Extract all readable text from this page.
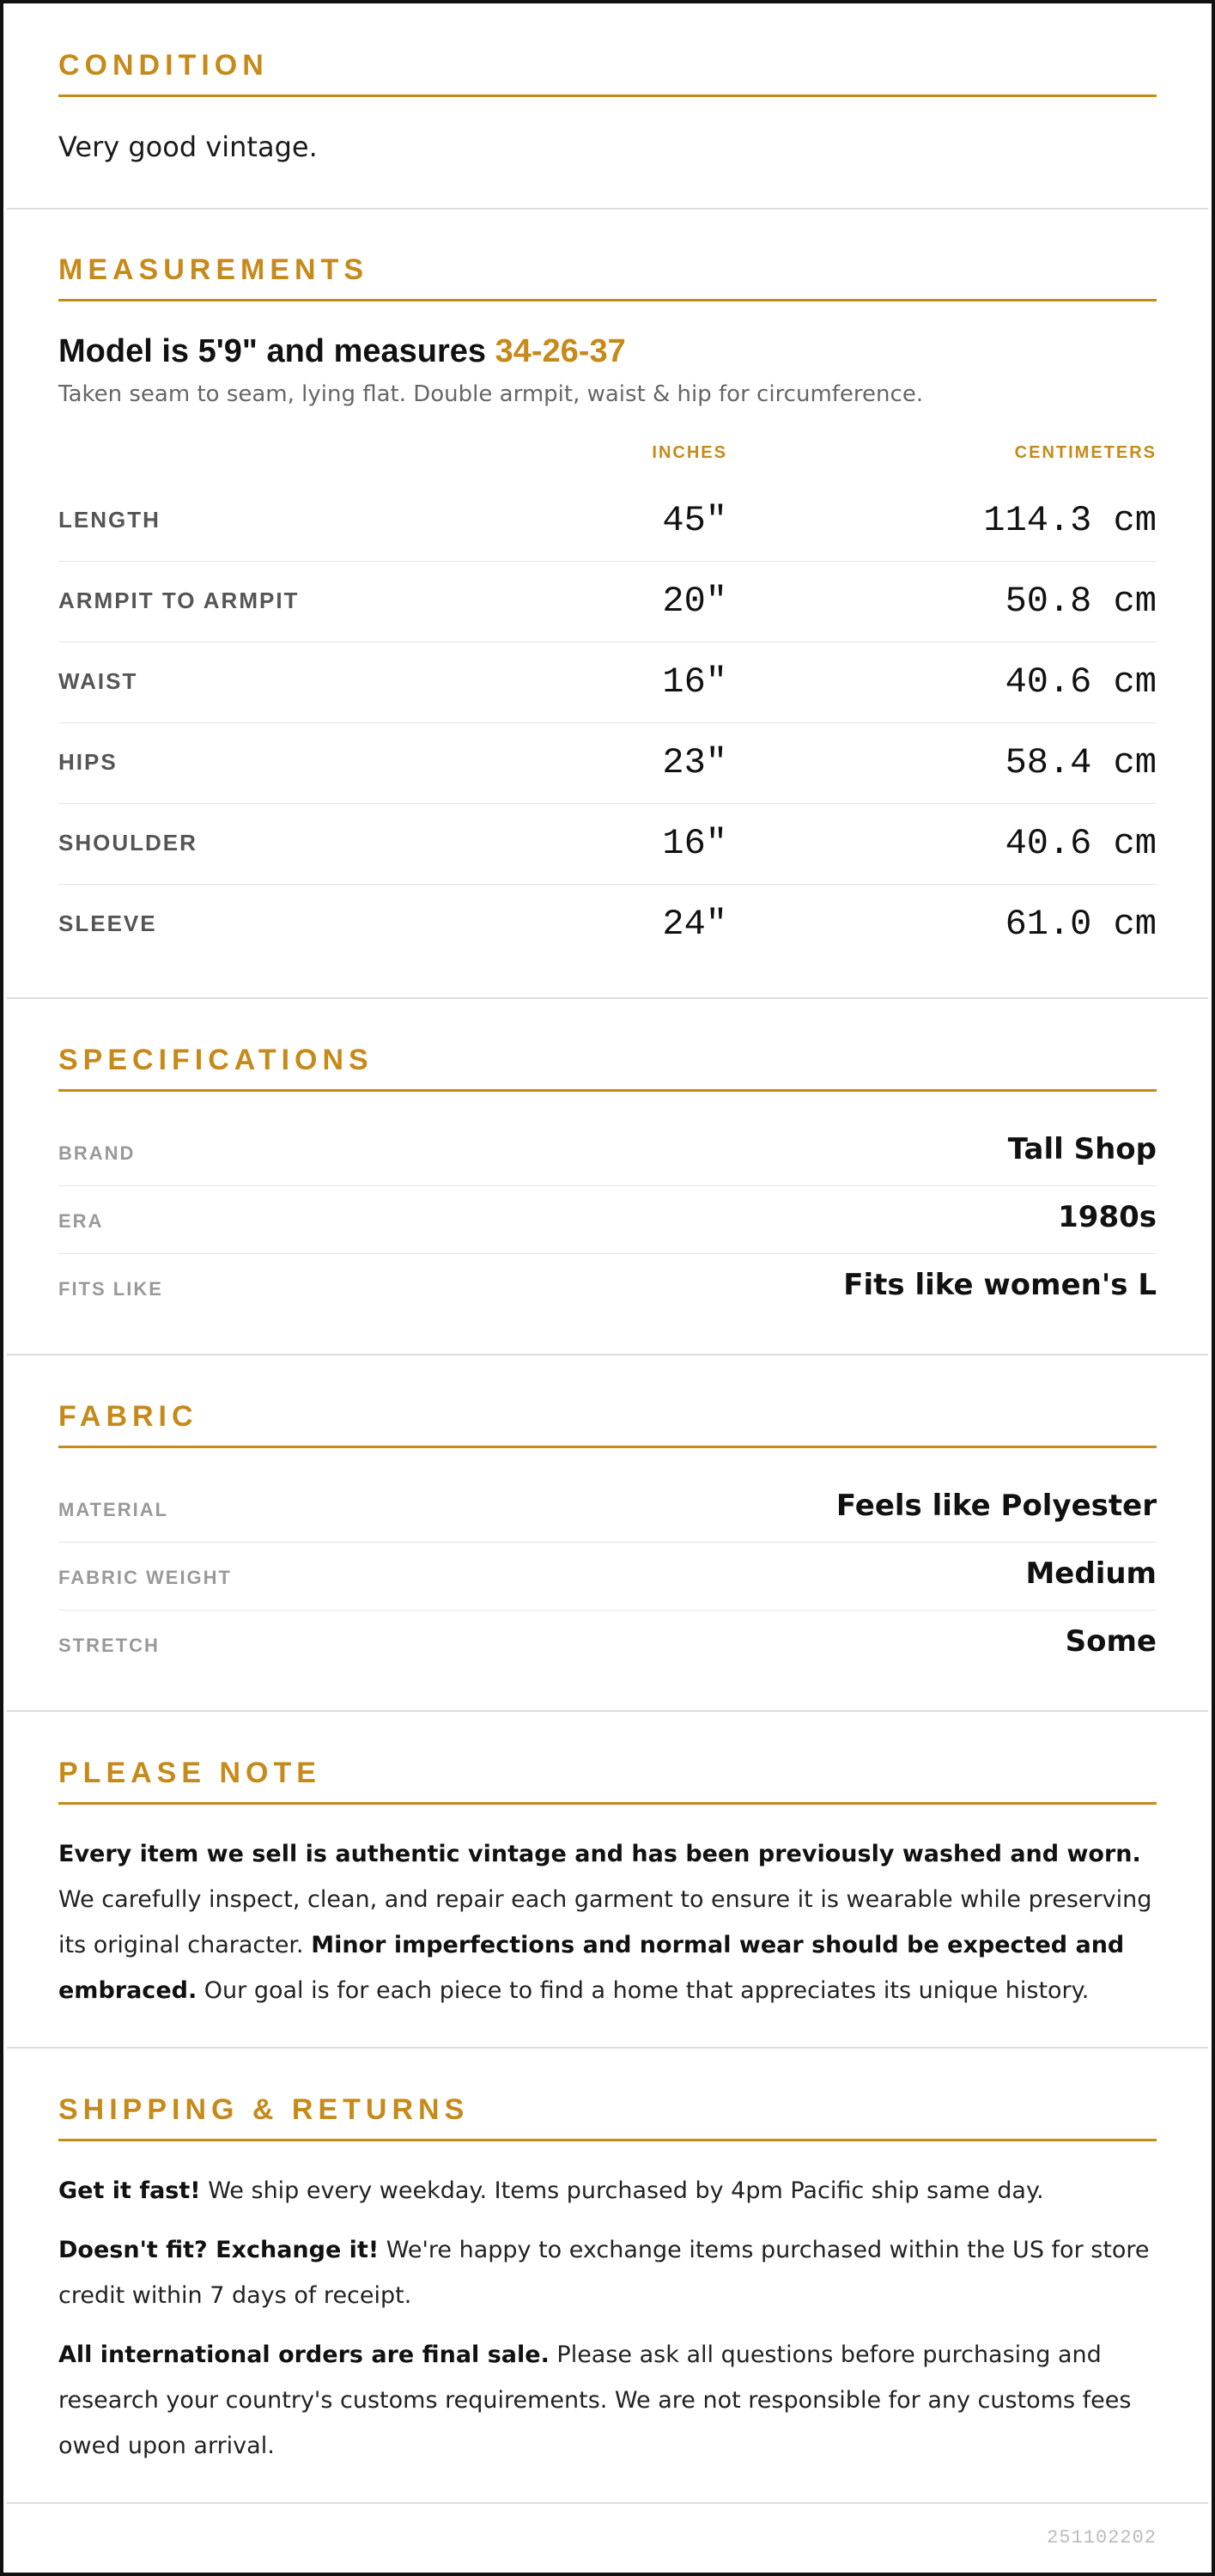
CONDITION
Very good vintage.
MEASUREMENTS
Model is 5'9" and measures 34-26-37
Taken seam to seam, lying flat. Double armpit, waist & hip for circumference.
INCHES	CENTIMETERS
LENGTH	45"	114.3 cm
ARMPIT TO ARMPIT	20"	50.8 cm
WAIST	16"	40.6 cm
HIPS	23"	58.4 cm
SHOULDER	16"	40.6 cm
SLEEVE	24"	61.0 cm
SPECIFICATIONS
BRAND	Tall Shop
ERA	1980s
FITS LIKE	Fits like women's L
FABRIC
MATERIAL	Feels like Polyester
FABRIC WEIGHT	Medium
STRETCH	Some
PLEASE NOTE

Every item we sell is authentic vintage and has been previously washed and worn. We carefully inspect, clean, and repair each garment to ensure it is wearable while preserving its original character. Minor imperfections and normal wear should be expected and embraced. Our goal is for each piece to find a home that appreciates its unique history.

SHIPPING & RETURNS

Get it fast! We ship every weekday. Items purchased by 4pm Pacific ship same day.

Doesn't fit? Exchange it! We're happy to exchange items purchased within the US for store credit within 7 days of receipt.

All international orders are final sale. Please ask all questions before purchasing and research your country's customs requirements. We are not responsible for any customs fees owed upon arrival.

251102202
